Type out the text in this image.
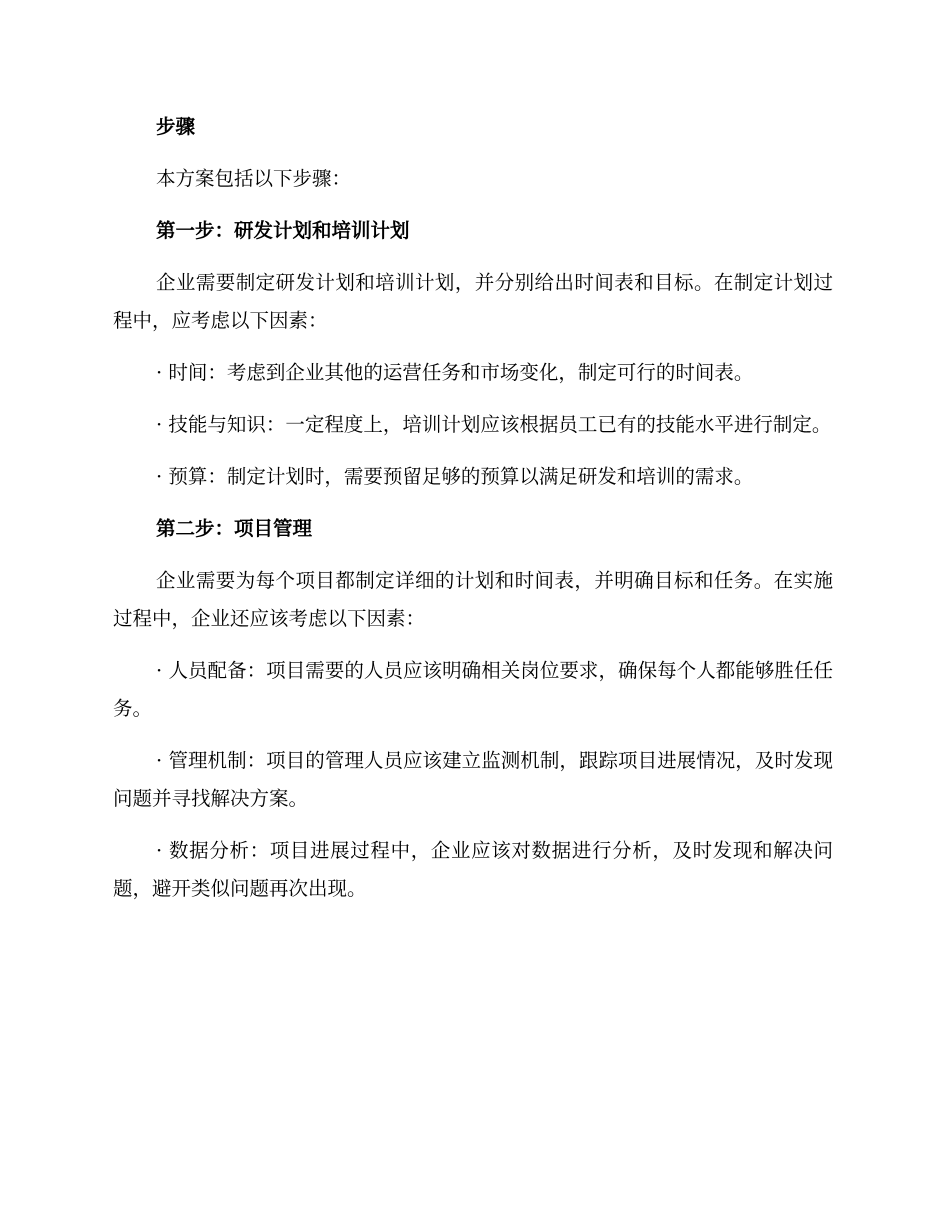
步骤
本方案包括以下步骤：
第一步：研发计划和培训计划
企业需要制定研发计划和培训计划，并分别给出时间表和目标。在制定计划过程中，应考虑以下因素：
· 时间：考虑到企业其他的运营任务和市场变化，制定可行的时间表。
· 技能与知识：一定程度上，培训计划应该根据员工已有的技能水平进行制定。
· 预算：制定计划时，需要预留足够的预算以满足研发和培训的需求。
第二步：项目管理
企业需要为每个项目都制定详细的计划和时间表，并明确目标和任务。在实施过程中，企业还应该考虑以下因素：
· 人员配备：项目需要的人员应该明确相关岗位要求，确保每个人都能够胜任任务。
· 管理机制：项目的管理人员应该建立监测机制，跟踪项目进展情况，及时发现问题并寻找解决方案。
· 数据分析：项目进展过程中，企业应该对数据进行分析，及时发现和解决问题，避开类似问题再次出现。
